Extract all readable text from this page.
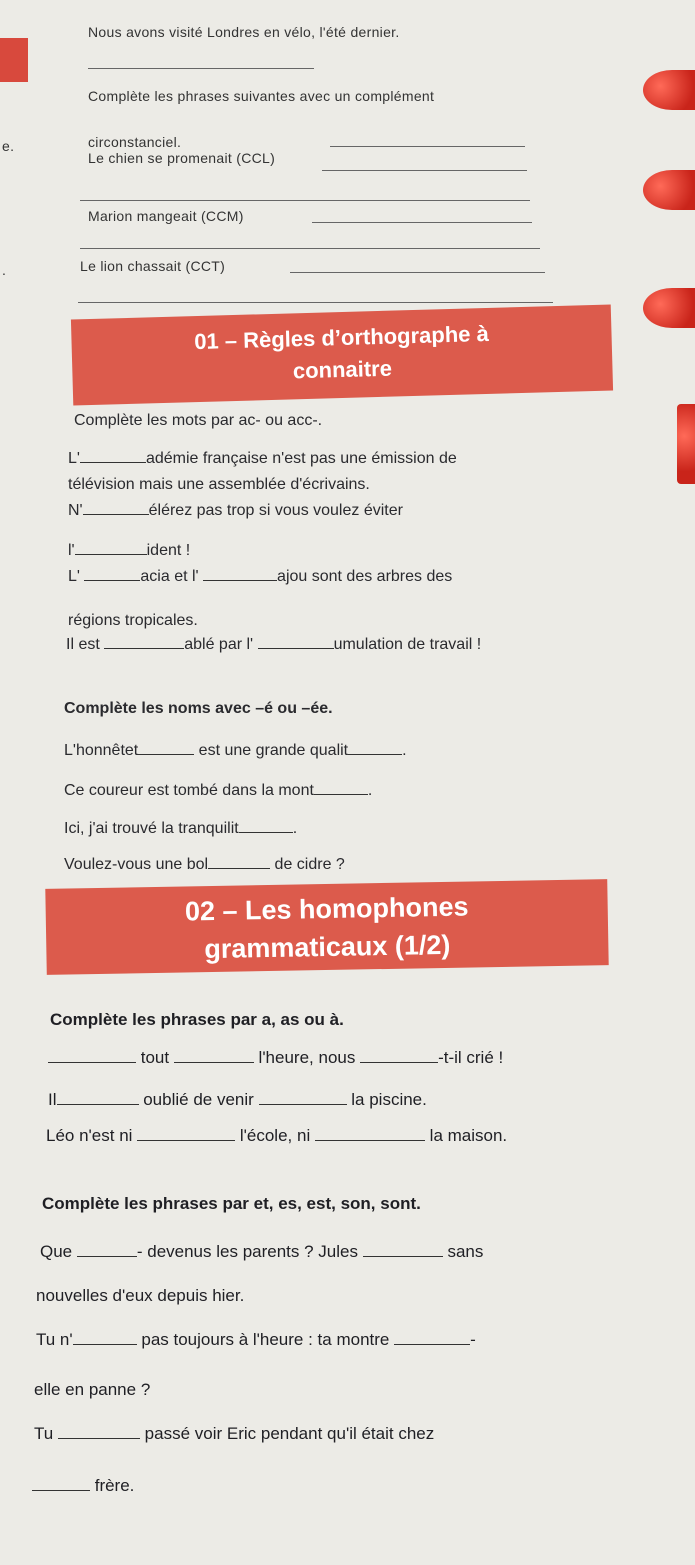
e.
.
Nous avons visité Londres en vélo, l'été dernier.
Complète les phrases suivantes avec un complément
circonstanciel.
Le chien se promenait (CCL)
Marion mangeait (CCM)
Le lion chassait (CCT)
01 – Règles d’orthographe à
connaitre
Complète les mots par ac- ou acc-.
L'	adémie française n'est pas une émission de
télévision mais une assemblée d'écrivains.
N'	élérez pas trop si vous voulez éviter
l'	ident !
L'	acia et l'	ajou sont des arbres des
régions tropicales.
Il est	ablé par l'	umulation de travail !
Complète les noms avec –é ou –ée.
L'honnêtet	est une grande qualit	.
Ce coureur est tombé dans la mont	.
Ici, j'ai trouvé la tranquilit	.
Voulez-vous une bol	de cidre ?
02 – Les homophones
grammaticaux (1/2)
Complète les phrases par a, as ou à.
tout	l'heure, nous	-t-il crié !
Il	oublié de venir	la piscine.
Léo n'est ni	l'école, ni	la maison.
Complète les phrases par et, es, est, son, sont.
Que	- devenus les parents ? Jules	sans
nouvelles d'eux depuis hier.
Tu n'	pas toujours à l'heure : ta montre	-
elle en panne ?
Tu	passé voir Eric pendant qu'il était chez
frère.
